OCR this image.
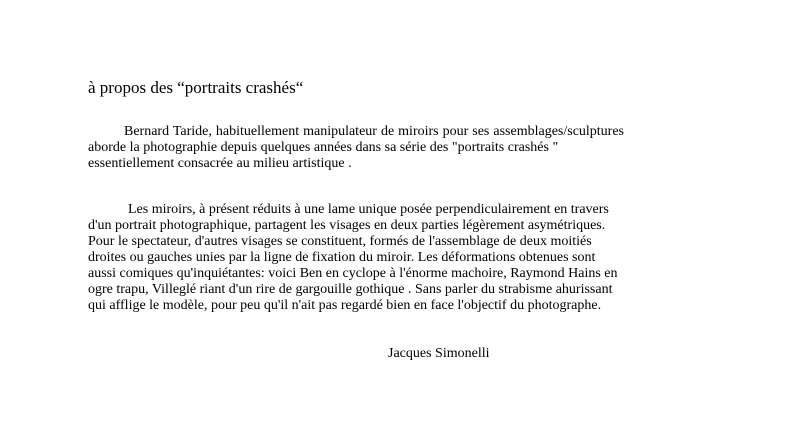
à propos des “portraits crashés“
Bernard Taride, habituellement manipulateur de miroirs pour ses assemblages/sculptures
aborde la photographie depuis quelques années dans sa série des "portraits crashés "
essentiellement consacrée au milieu artistique .
Les miroirs, à présent réduits à une lame unique posée perpendiculairement en travers
d'un portrait photographique, partagent les visages en deux parties légèrement asymétriques.
Pour le spectateur, d'autres visages se constituent, formés de l'assemblage de deux moitiés
droites ou gauches unies par la ligne de fixation du miroir. Les déformations obtenues sont
aussi comiques qu'inquiétantes: voici Ben en cyclope à l'énorme machoire, Raymond Hains en
ogre trapu, Villeglé riant d'un rire de gargouille gothique . Sans parler du strabisme ahurissant
qui afflige le modèle, pour peu qu'il n'ait pas regardé bien en face l'objectif du photographe.
Jacques Simonelli
